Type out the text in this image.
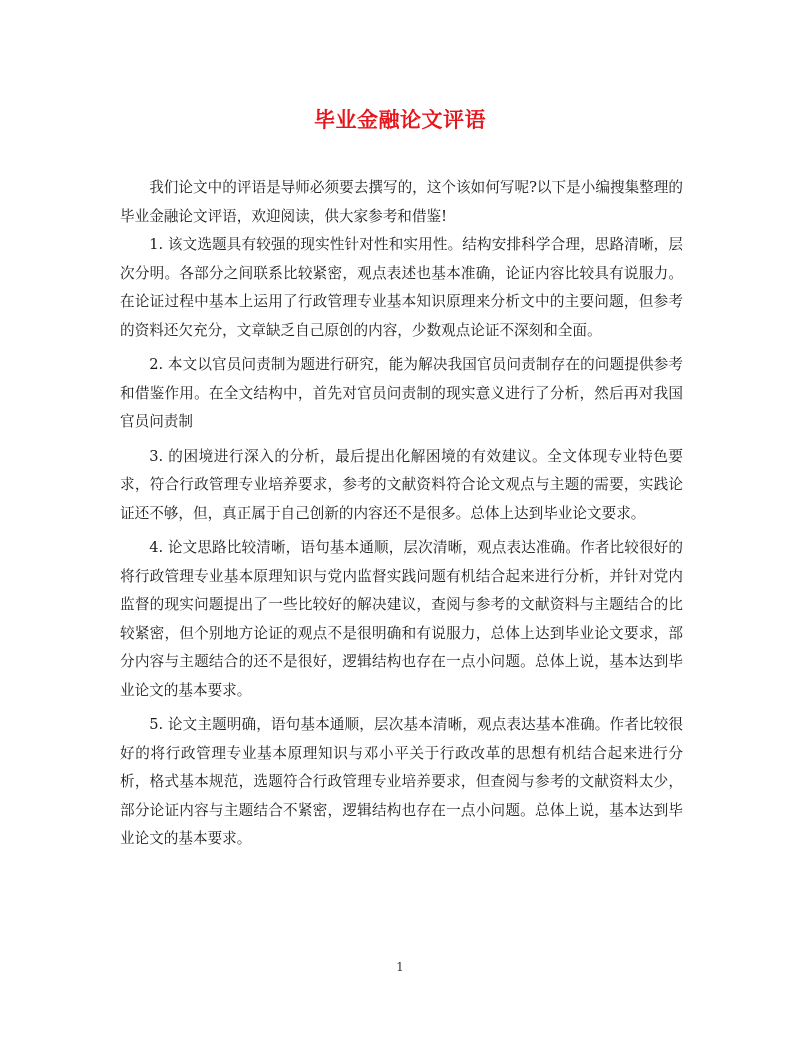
毕业金融论文评语

我们论文中的评语是导师必须要去撰写的，这个该如何写呢?以下是小编搜集整理的毕业金融论文评语，欢迎阅读，供大家参考和借鉴!

1. 该文选题具有较强的现实性针对性和实用性。结构安排科学合理，思路清晰，层次分明。各部分之间联系比较紧密，观点表述也基本准确，论证内容比较具有说服力。在论证过程中基本上运用了行政管理专业基本知识原理来分析文中的主要问题，但参考的资料还欠充分，文章缺乏自己原创的内容，少数观点论证不深刻和全面。

2. 本文以官员问责制为题进行研究，能为解决我国官员问责制存在的问题提供参考和借鉴作用。在全文结构中，首先对官员问责制的现实意义进行了分析，然后再对我国官员问责制

3. 的困境进行深入的分析，最后提出化解困境的有效建议。全文体现专业特色要求，符合行政管理专业培养要求，参考的文献资料符合论文观点与主题的需要，实践论证还不够，但，真正属于自己创新的内容还不是很多。总体上达到毕业论文要求。

4. 论文思路比较清晰，语句基本通顺，层次清晰，观点表达准确。作者比较很好的将行政管理专业基本原理知识与党内监督实践问题有机结合起来进行分析，并针对党内监督的现实问题提出了一些比较好的解决建议，查阅与参考的文献资料与主题结合的比较紧密，但个别地方论证的观点不是很明确和有说服力，总体上达到毕业论文要求，部分内容与主题结合的还不是很好，逻辑结构也存在一点小问题。总体上说，基本达到毕业论文的基本要求。

5. 论文主题明确，语句基本通顺，层次基本清晰，观点表达基本准确。作者比较很好的将行政管理专业基本原理知识与邓小平关于行政改革的思想有机结合起来进行分析，格式基本规范，选题符合行政管理专业培养要求，但查阅与参考的文献资料太少，部分论证内容与主题结合不紧密，逻辑结构也存在一点小问题。总体上说，基本达到毕业论文的基本要求。

1
